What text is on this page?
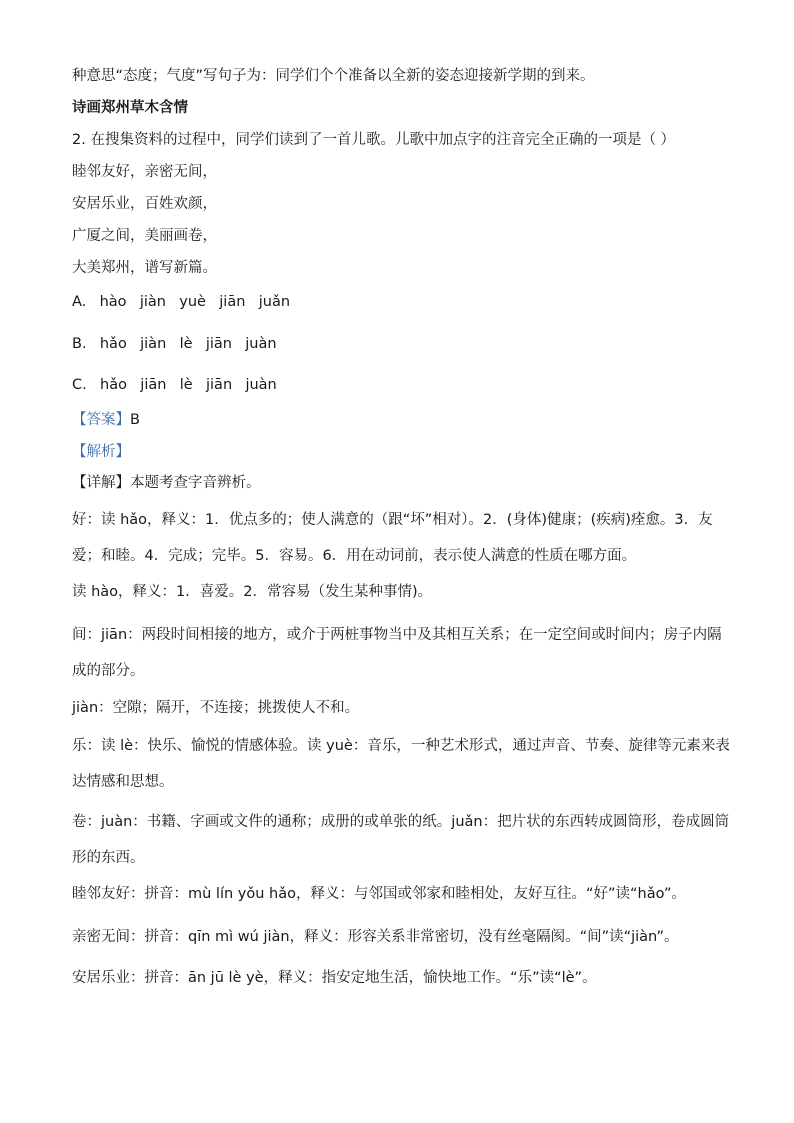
种意思“态度；气度”写句子为：同学们个个准备以全新的姿态迎接新学期的到来。
诗画郑州草木含情
2. 在搜集资料的过程中，同学们读到了一首儿歌。儿歌中加点字的注音完全正确的一项是（ ）
睦邻友好，亲密无间，
安居乐业，百姓欢颜，
广厦之间，美丽画卷，
大美郑州，谱写新篇。
A. hào jiàn yuè jiān juǎn
B. hǎo jiàn lè jiān juàn
C. hǎo jiān lè jiān juàn
【答案】B
【解析】
【详解】本题考查字音辨析。
好：读 hǎo，释义：1．优点多的；使人满意的（跟“坏”相对）。2．(身体)健康；(疾病)痊愈。3．友爱；和睦。4．完成；完毕。5．容易。6．用在动词前，表示使人满意的性质在哪方面。
读 hào，释义：1．喜爱。2．常容易（发生某种事情)。
间：jiān：两段时间相接的地方，或介于两桩事物当中及其相互关系；在一定空间或时间内；房子内隔成的部分。
jiàn：空隙；隔开，不连接；挑拨使人不和。
乐：读 lè：快乐、愉悦的情感体验。读 yuè：音乐，一种艺术形式，通过声音、节奏、旋律等元素来表达情感和思想。
卷：juàn：书籍、字画或文件的通称；成册的或单张的纸。juǎn：把片状的东西转成圆筒形，卷成圆筒形的东西。
睦邻友好：拼音：mù lín yǒu hǎo，释义：与邻国或邻家和睦相处，友好互往。“好”读“hǎo”。
亲密无间：拼音：qīn mì wú jiàn，释义：形容关系非常密切，没有丝毫隔阂。“间”读“jiàn”。
安居乐业：拼音：ān jū lè yè，释义：指安定地生活，愉快地工作。“乐”读“lè”。
